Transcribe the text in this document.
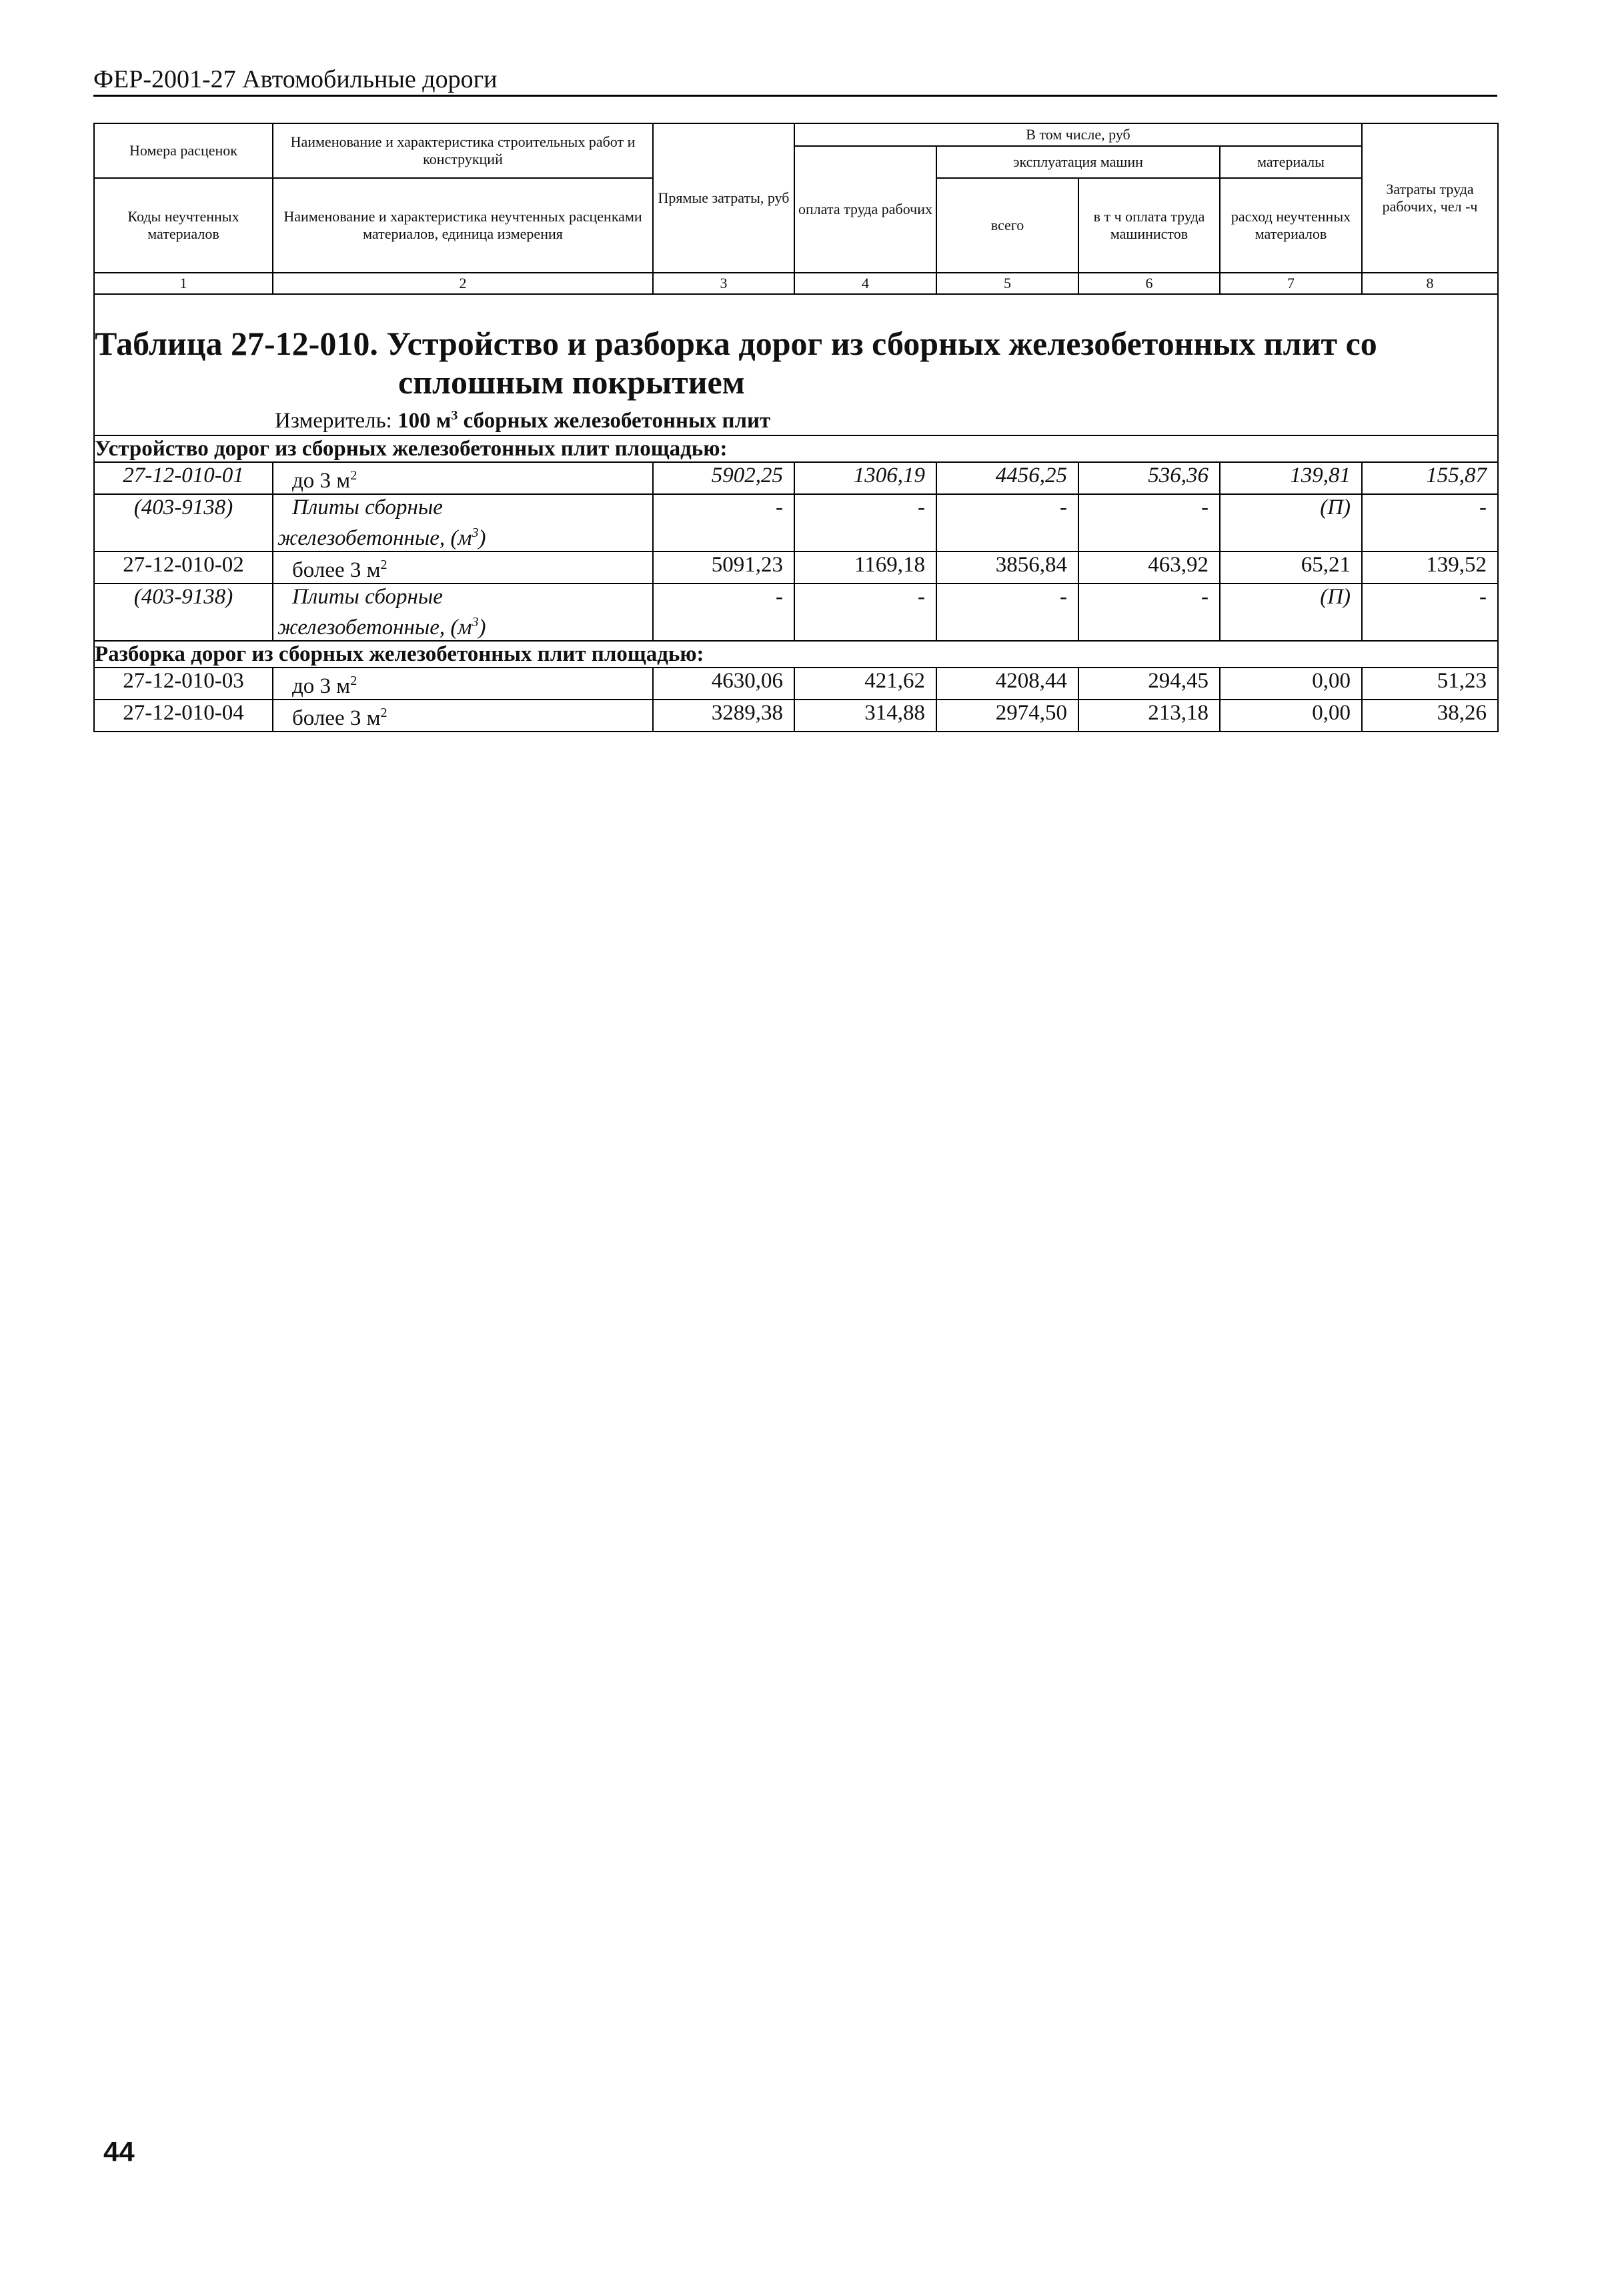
ФЕР-2001-27 Автомобильные дороги
Номера расценок	Наименование и характеристика строительных работ и конструкций	Прямые затраты, руб	В том числе, руб				Затраты труда рабочих, чел -ч
			оплата труда рабочих	эксплуатация машин		материалы	
Коды неучтенных материалов	Наименование и характеристика неучтенных расценками материалов, единица измерения			всего	в т ч оплата труда машинистов	расход неучтенных материалов	
1	2	3	4	5	6	7	8

Таблица 27-12-010. Устройство и разборка дорог из сборных железобетонных плит со
сплошным покрытием
Измеритель: 100 $м^3$ сборных железобетонных плит							

Устройство дорог из сборных железобетонных плит площадью:							
27-12-010-01	до 3 $м^2$	5902,25	1306,19	4456,25	536,36	139,81	155,87
(403-9138)	Плиты сборные
железобетонные, $(м^3)$	-	-	-	-	(П)	-
27-12-010-02	более 3 $м^2$	5091,23	1169,18	3856,84	463,92	65,21	139,52
(403-9138)	Плиты сборные
железобетонные, $(м^3)$	-	-	-	-	(П)	-
Разборка дорог из сборных железобетонных плит площадью:							
27-12-010-03	до 3 $м^2$	4630,06	421,62	4208,44	294,45	0,00	51,23
27-12-010-04	более 3 $м^2$	3289,38	314,88	2974,50	213,18	0,00	38,26
44
